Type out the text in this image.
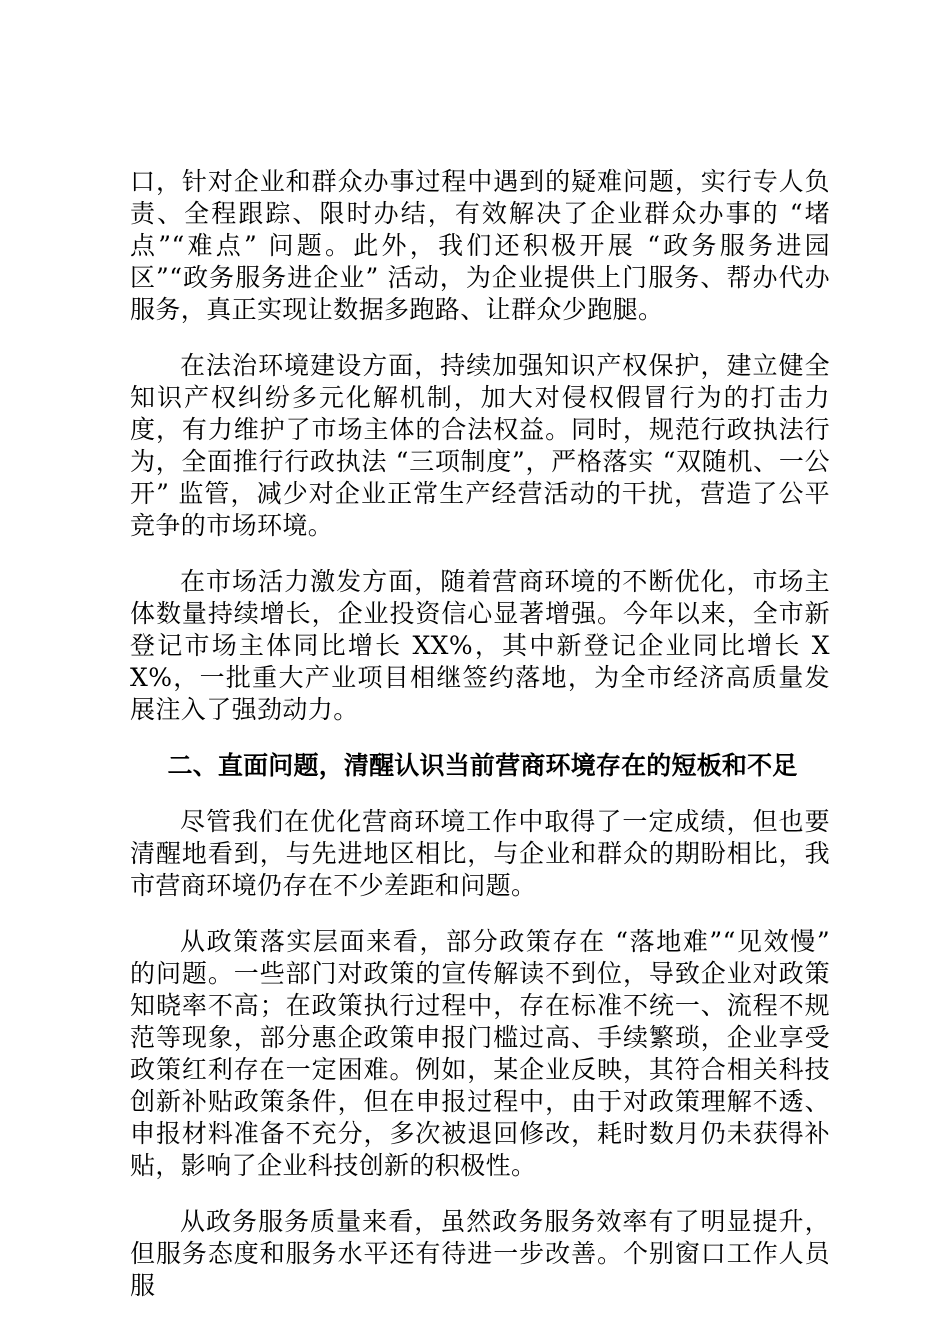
口，针对企业和群众办事过程中遇到的疑难问题，实行专人负责、全程跟踪、限时办结，有效解决了企业群众办事的 “堵点”“难点” 问题。此外，我们还积极开展 “政务服务进园区”“政务服务进企业” 活动，为企业提供上门服务、帮办代办服务，真正实现让数据多跑路、让群众少跑腿。

在法治环境建设方面，持续加强知识产权保护，建立健全知识产权纠纷多元化解机制，加大对侵权假冒行为的打击力度，有力维护了市场主体的合法权益。同时，规范行政执法行为，全面推行行政执法 “三项制度”，严格落实 “双随机、一公开” 监管，减少对企业正常生产经营活动的干扰，营造了公平竞争的市场环境。

在市场活力激发方面，随着营商环境的不断优化，市场主体数量持续增长，企业投资信心显著增强。今年以来，全市新登记市场主体同比增长 XX%，其中新登记企业同比增长 XX%，一批重大产业项目相继签约落地，为全市经济高质量发展注入了强劲动力。

二、直面问题，清醒认识当前营商环境存在的短板和不足

尽管我们在优化营商环境工作中取得了一定成绩，但也要清醒地看到，与先进地区相比，与企业和群众的期盼相比，我市营商环境仍存在不少差距和问题。

从政策落实层面来看，部分政策存在 “落地难”“见效慢” 的问题。一些部门对政策的宣传解读不到位，导致企业对政策知晓率不高；在政策执行过程中，存在标准不统一、流程不规范等现象，部分惠企政策申报门槛过高、手续繁琐，企业享受政策红利存在一定困难。例如，某企业反映，其符合相关科技创新补贴政策条件，但在申报过程中，由于对政策理解不透、申报材料准备不充分，多次被退回修改，耗时数月仍未获得补贴，影响了企业科技创新的积极性。

从政务服务质量来看，虽然政务服务效率有了明显提升，但服务态度和服务水平还有待进一步改善。个别窗口工作人员服
